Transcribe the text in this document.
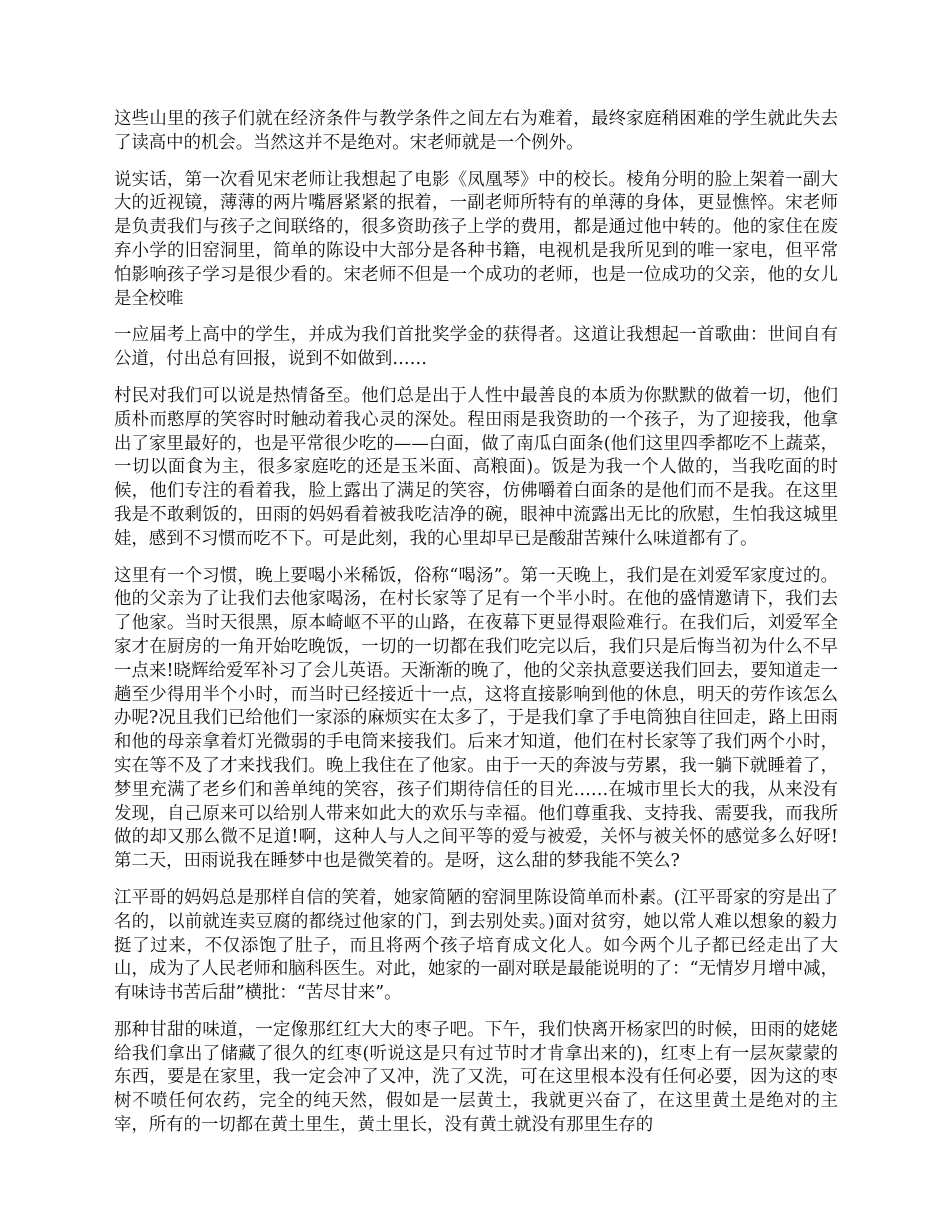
这些山里的孩子们就在经济条件与教学条件之间左右为难着，最终家庭稍困难的学生就此失去了读高中的机会。当然这并不是绝对。宋老师就是一个例外。

说实话，第一次看见宋老师让我想起了电影《凤凰琴》中的校长。棱角分明的脸上架着一副大大的近视镜，薄薄的两片嘴唇紧紧的抿着，一副老师所特有的单薄的身体，更显憔悴。宋老师是负责我们与孩子之间联络的，很多资助孩子上学的费用，都是通过他中转的。他的家住在废弃小学的旧窑洞里，简单的陈设中大部分是各种书籍，电视机是我所见到的唯一家电，但平常怕影响孩子学习是很少看的。宋老师不但是一个成功的老师，也是一位成功的父亲，他的女儿是全校唯

一应届考上高中的学生，并成为我们首批奖学金的获得者。这道让我想起一首歌曲：世间自有公道，付出总有回报，说到不如做到……

村民对我们可以说是热情备至。他们总是出于人性中最善良的本质为你默默的做着一切，他们质朴而憨厚的笑容时时触动着我心灵的深处。程田雨是我资助的一个孩子，为了迎接我，他拿出了家里最好的，也是平常很少吃的——白面，做了南瓜白面条(他们这里四季都吃不上蔬菜，一切以面食为主，很多家庭吃的还是玉米面、高粮面)。饭是为我一个人做的，当我吃面的时候，他们专注的看着我，脸上露出了满足的笑容，仿佛嚼着白面条的是他们而不是我。在这里我是不敢剩饭的，田雨的妈妈看着被我吃洁净的碗，眼神中流露出无比的欣慰，生怕我这城里娃，感到不习惯而吃不下。可是此刻，我的心里却早已是酸甜苦辣什么味道都有了。

这里有一个习惯，晚上要喝小米稀饭，俗称“喝汤”。第一天晚上，我们是在刘爱军家度过的。他的父亲为了让我们去他家喝汤，在村长家等了足有一个半小时。在他的盛情邀请下，我们去了他家。当时天很黑，原本崎岖不平的山路，在夜幕下更显得艰险难行。在我们后，刘爱军全家才在厨房的一角开始吃晚饭，一切的一切都在我们吃完以后，我们只是后悔当初为什么不早一点来!晓辉给爱军补习了会儿英语。天渐渐的晚了，他的父亲执意要送我们回去，要知道走一趟至少得用半个小时，而当时已经接近十一点，这将直接影响到他的休息，明天的劳作该怎么办呢?况且我们已给他们一家添的麻烦实在太多了，于是我们拿了手电筒独自往回走，路上田雨和他的母亲拿着灯光微弱的手电筒来接我们。后来才知道，他们在村长家等了我们两个小时，实在等不及了才来找我们。晚上我住在了他家。由于一天的奔波与劳累，我一躺下就睡着了，梦里充满了老乡们和善单纯的笑容，孩子们期待信任的目光……在城市里长大的我，从来没有发现，自己原来可以给别人带来如此大的欢乐与幸福。他们尊重我、支持我、需要我，而我所做的却又那么微不足道!啊，这种人与人之间平等的爱与被爱，关怀与被关怀的感觉多么好呀!第二天，田雨说我在睡梦中也是微笑着的。是呀，这么甜的梦我能不笑么?

江平哥的妈妈总是那样自信的笑着，她家简陋的窑洞里陈设简单而朴素。(江平哥家的穷是出了名的，以前就连卖豆腐的都绕过他家的门，到去别处卖。)面对贫穷，她以常人难以想象的毅力挺了过来，不仅添饱了肚子，而且将两个孩子培育成文化人。如今两个儿子都已经走出了大山，成为了人民老师和脑科医生。对此，她家的一副对联是最能说明的了：“无情岁月增中减，有味诗书苦后甜”横批：“苦尽甘来”。

那种甘甜的味道，一定像那红红大大的枣子吧。下午，我们快离开杨家凹的时候，田雨的姥姥给我们拿出了储藏了很久的红枣(听说这是只有过节时才肯拿出来的)，红枣上有一层灰蒙蒙的东西，要是在家里，我一定会冲了又冲，洗了又洗，可在这里根本没有任何必要，因为这的枣树不喷任何农药，完全的纯天然，假如是一层黄土，我就更兴奋了，在这里黄土是绝对的主宰，所有的一切都在黄土里生，黄土里长，没有黄土就没有那里生存的
